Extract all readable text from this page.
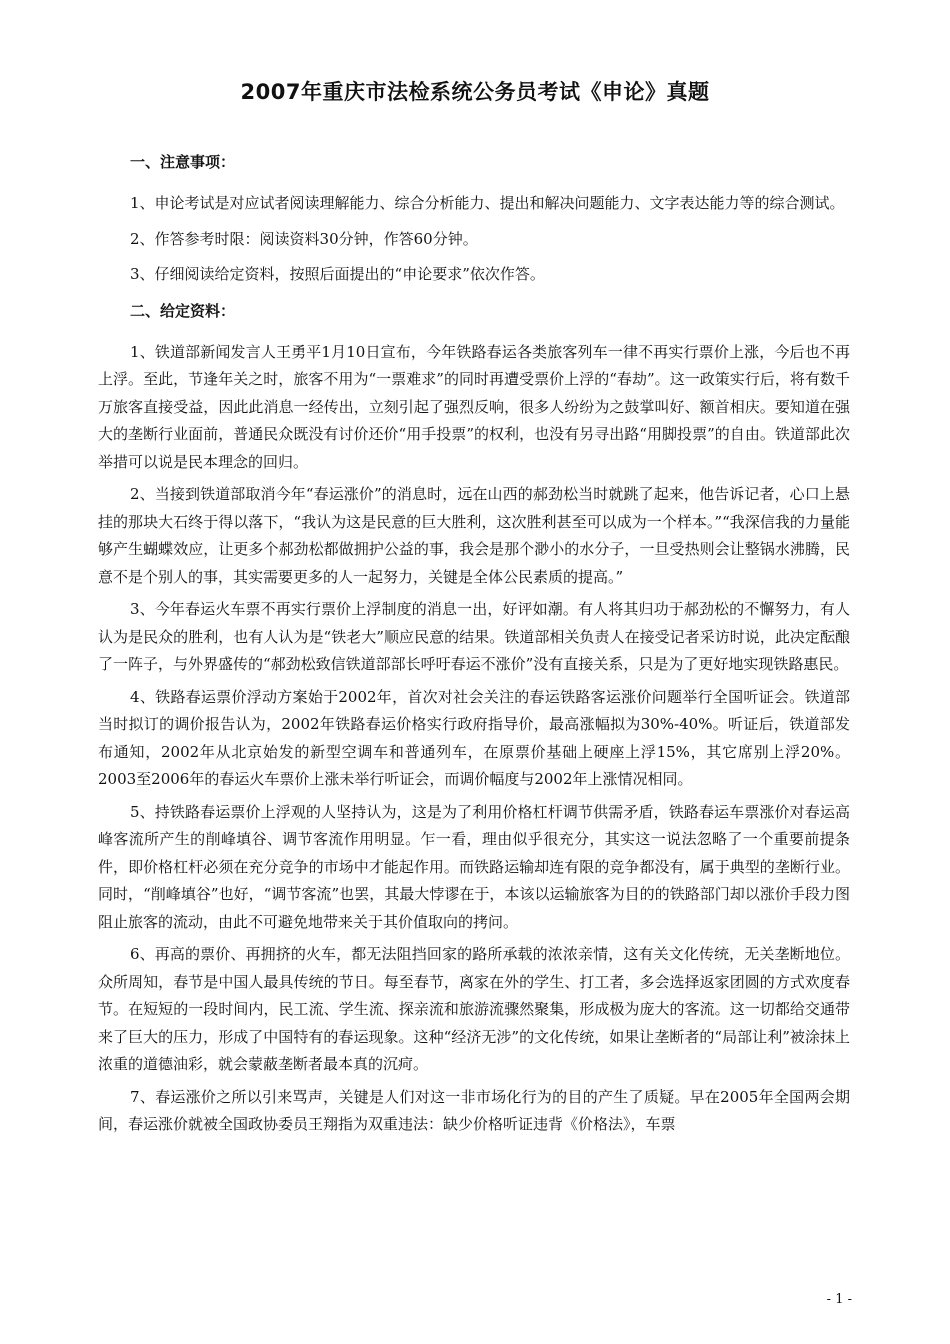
2007年重庆市法检系统公务员考试《申论》真题
一、注意事项：

1、申论考试是对应试者阅读理解能力、综合分析能力、提出和解决问题能力、文字表达能力等的综合测试。

2、作答参考时限：阅读资料30分钟，作答60分钟。

3、仔细阅读给定资料，按照后面提出的“申论要求”依次作答。

二、给定资料：

1、铁道部新闻发言人王勇平1月10日宣布，今年铁路春运各类旅客列车一律不再实行票价上涨，今后也不再上浮。至此，节逢年关之时，旅客不用为“一票难求”的同时再遭受票价上浮的“春劫”。这一政策实行后，将有数千万旅客直接受益，因此此消息一经传出，立刻引起了强烈反响，很多人纷纷为之鼓掌叫好、额首相庆。要知道在强大的垄断行业面前，普通民众既没有讨价还价“用手投票”的权利，也没有另寻出路“用脚投票”的自由。铁道部此次举措可以说是民本理念的回归。

2、当接到铁道部取消今年“春运涨价”的消息时，远在山西的郝劲松当时就跳了起来，他告诉记者，心口上悬挂的那块大石终于得以落下，“我认为这是民意的巨大胜利，这次胜利甚至可以成为一个样本。”“我深信我的力量能够产生蝴蝶效应，让更多个郝劲松都做拥护公益的事，我会是那个渺小的水分子，一旦受热则会让整锅水沸腾，民意不是个别人的事，其实需要更多的人一起努力，关键是全体公民素质的提高。”

3、今年春运火车票不再实行票价上浮制度的消息一出，好评如潮。有人将其归功于郝劲松的不懈努力，有人认为是民众的胜利，也有人认为是“铁老大”顺应民意的结果。铁道部相关负责人在接受记者采访时说，此决定酝酿了一阵子，与外界盛传的“郝劲松致信铁道部部长呼吁春运不涨价”没有直接关系，只是为了更好地实现铁路惠民。

4、铁路春运票价浮动方案始于2002年，首次对社会关注的春运铁路客运涨价问题举行全国听证会。铁道部当时拟订的调价报告认为，2002年铁路春运价格实行政府指导价，最高涨幅拟为30%-40%。听证后，铁道部发布通知，2002年从北京始发的新型空调车和普通列车，在原票价基础上硬座上浮15%，其它席别上浮20%。2003至2006年的春运火车票价上涨未举行听证会，而调价幅度与2002年上涨情况相同。

5、持铁路春运票价上浮观的人坚持认为，这是为了利用价格杠杆调节供需矛盾，铁路春运车票涨价对春运高峰客流所产生的削峰填谷、调节客流作用明显。乍一看，理由似乎很充分，其实这一说法忽略了一个重要前提条件，即价格杠杆必须在充分竞争的市场中才能起作用。而铁路运输却连有限的竞争都没有，属于典型的垄断行业。同时，“削峰填谷”也好，“调节客流”也罢，其最大悖谬在于，本该以运输旅客为目的的铁路部门却以涨价手段力图阻止旅客的流动，由此不可避免地带来关于其价值取向的拷问。

6、再高的票价、再拥挤的火车，都无法阻挡回家的路所承载的浓浓亲情，这有关文化传统，无关垄断地位。众所周知，春节是中国人最具传统的节日。每至春节，离家在外的学生、打工者，多会选择返家团圆的方式欢度春节。在短短的一段时间内，民工流、学生流、探亲流和旅游流骤然聚集，形成极为庞大的客流。这一切都给交通带来了巨大的压力，形成了中国特有的春运现象。这种“经济无涉”的文化传统，如果让垄断者的“局部让利”被涂抹上浓重的道德油彩，就会蒙蔽垄断者最本真的沉疴。

7、春运涨价之所以引来骂声，关键是人们对这一非市场化行为的目的产生了质疑。早在2005年全国两会期间，春运涨价就被全国政协委员王翔指为双重违法：缺少价格听证违背《价格法》，车票

- 1 -
